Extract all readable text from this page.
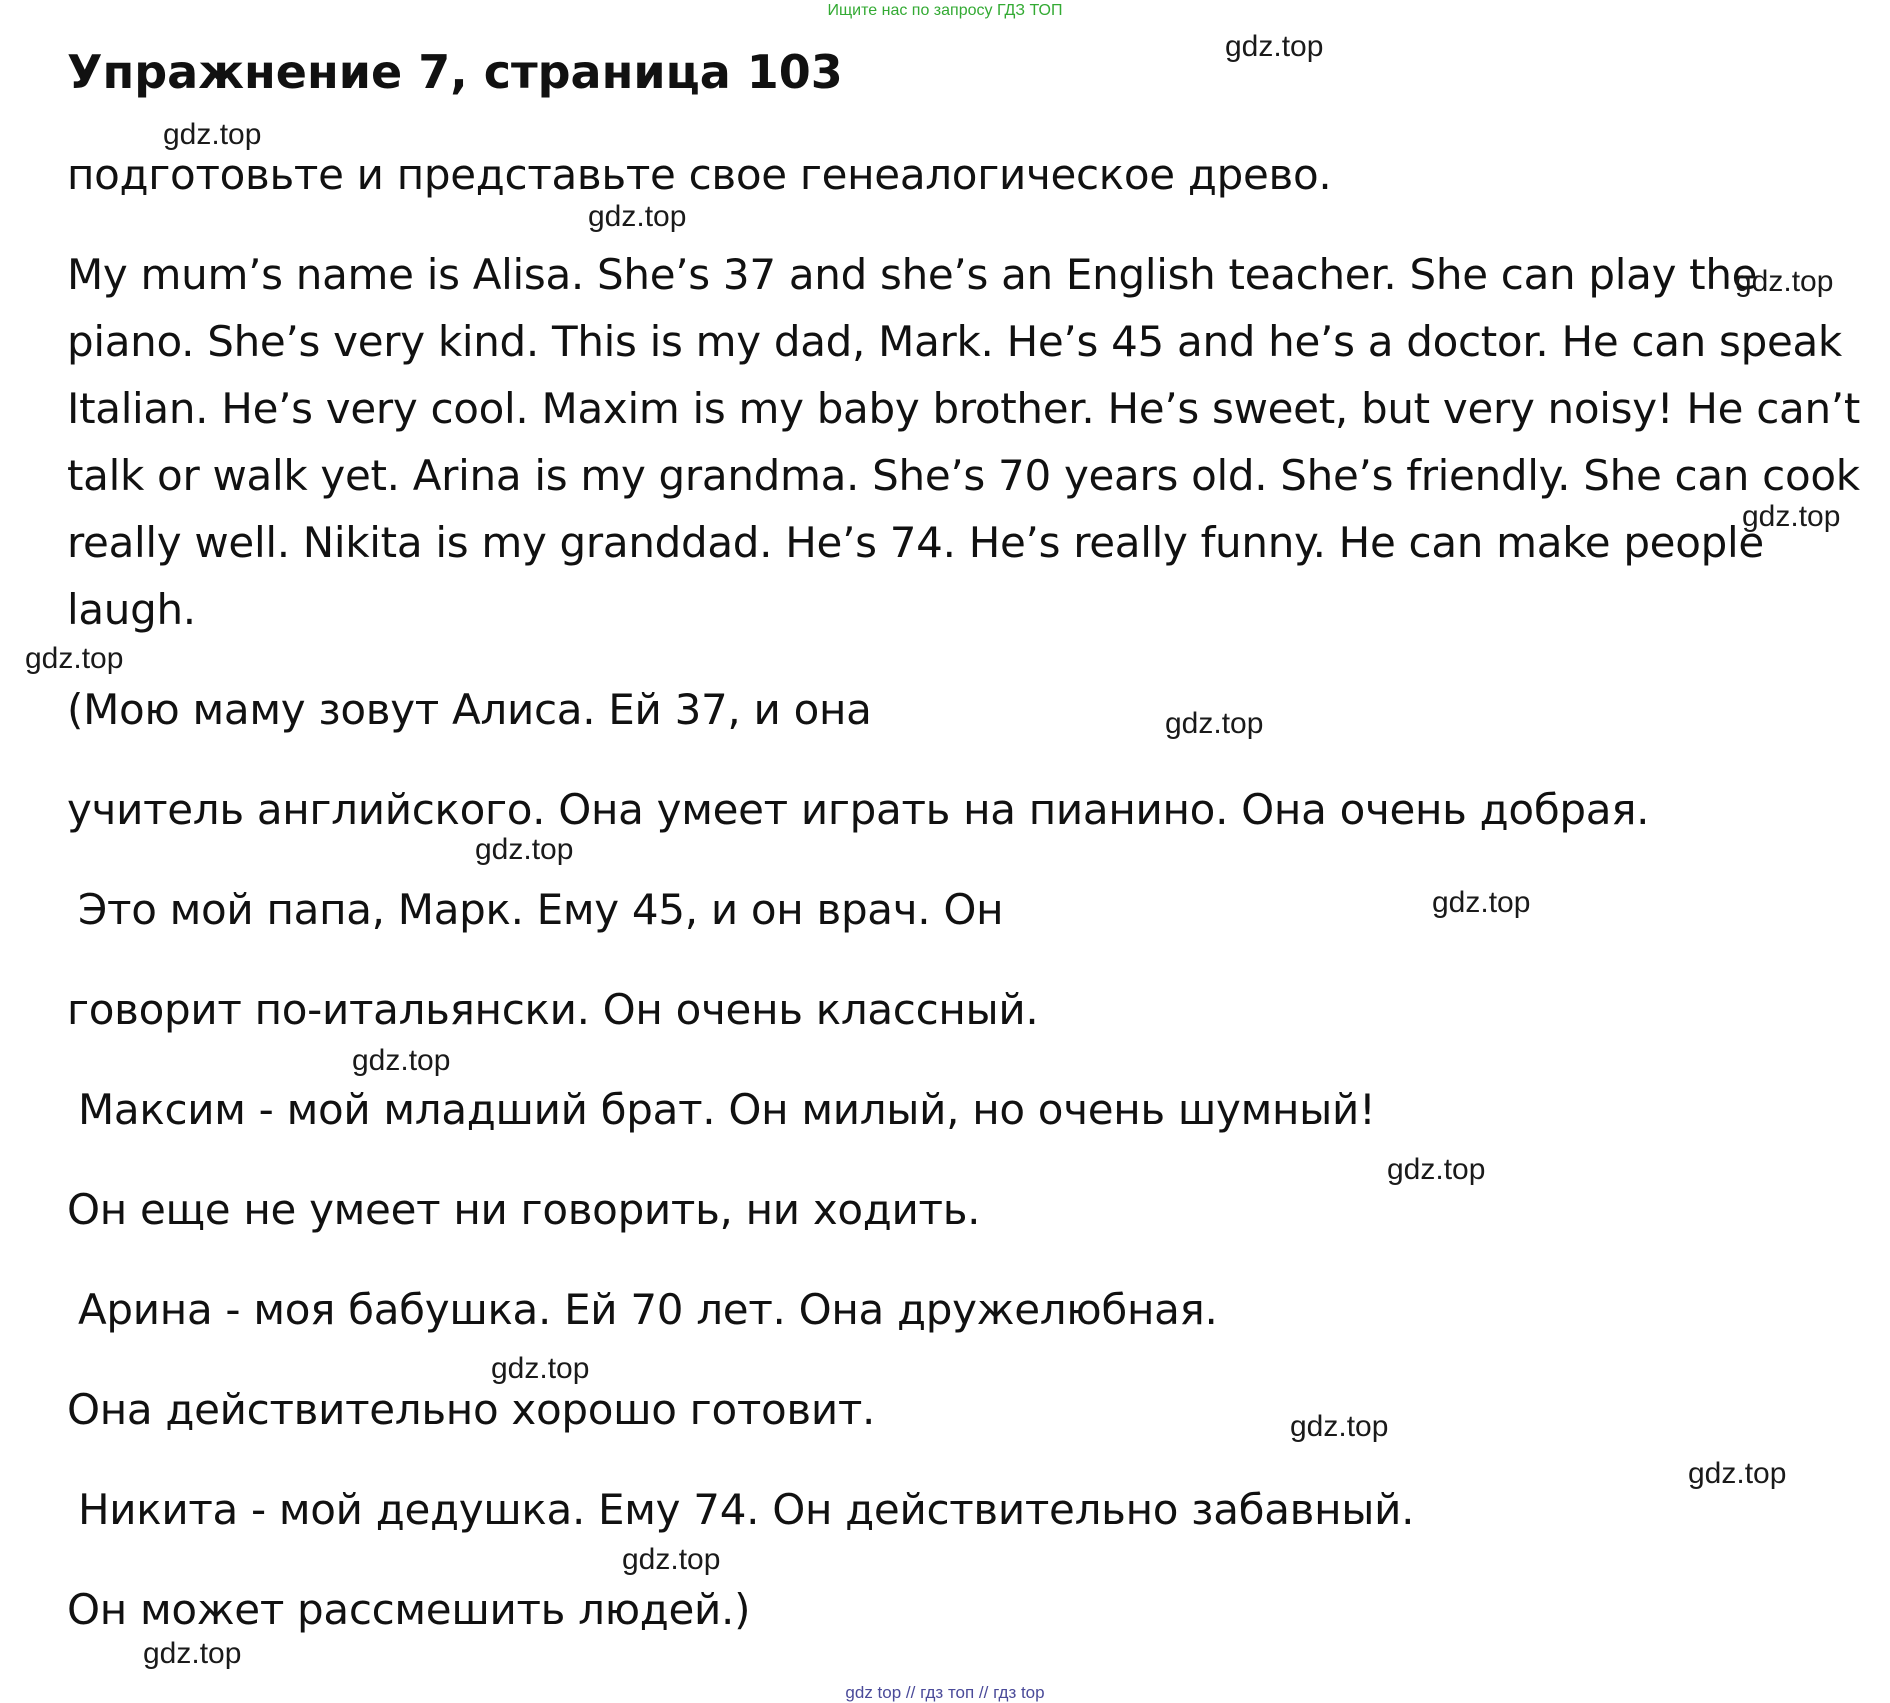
Ищите нас по запросу ГДЗ ТОП
Упражнение 7, страница 103
подготовьте и представьте свое генеалогическое древо.
My mum’s name is Alisa. She’s 37 and she’s an English teacher. She can play the
piano. She’s very kind. This is my dad, Mark. He’s 45 and he’s a doctor. He can speak
Italian. He’s very cool. Maxim is my baby brother. He’s sweet, but very noisy! He can’t
talk or walk yet. Arina is my grandma. She’s 70 years old. She’s friendly. She can cook
really well. Nikita is my granddad. He’s 74. He’s really funny. He can make people
laugh.
(Мою маму зовут Алиса. Ей 37, и она
учитель английского. Она умеет играть на пианино. Она очень добрая.
Это мой папа, Марк. Ему 45, и он врач. Он
говорит по-итальянски. Он очень классный.
Максим - мой младший брат. Он милый, но очень шумный!
Он еще не умеет ни говорить, ни ходить.
Арина - моя бабушка. Ей 70 лет. Она дружелюбная.
Она действительно хорошо готовит.
Никита - мой дедушка. Ему 74. Он действительно забавный.
Он может рассмешить людей.)
gdz.top
gdz.top
gdz.top
gdz.top
gdz.top
gdz.top
gdz.top
gdz.top
gdz.top
gdz.top
gdz.top
gdz.top
gdz.top
gdz.top
gdz.top
gdz.top
gdz top // гдз топ // гдз top
